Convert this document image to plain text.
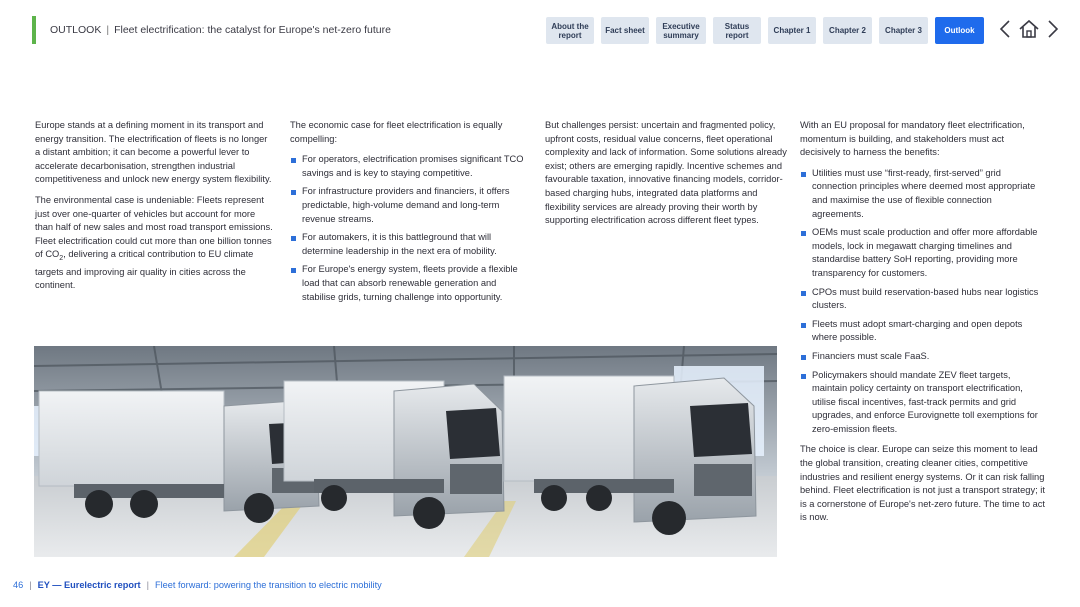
OUTLOOK | Fleet electrification: the catalyst for Europe's net-zero future	About the report	Fact sheet	Executive summary
Status report	Chapter 1	Chapter 2	Chapter 3	Outlook

Europe stands at a defining moment in its transport and energy transition. The electrification of fleets is no longer a distant ambition; it can become a powerful lever to accelerate decarbonisation, strengthen industrial competitiveness and unlock new energy system flexibility.

The environmental case is undeniable: Fleets represent just over one-quarter of vehicles but account for more than half of new sales and most road transport emissions. Fleet electrification could cut more than one billion tonnes of $CO_2$, delivering a critical contribution to EU climate targets and improving air quality in cities across the continent.

The economic case for fleet electrification is equally compelling:

For operators, electrification promises significant TCO savings and is key to staying competitive.
For infrastructure providers and financiers, it offers predictable, high-volume demand and long-term revenue streams.
For automakers, it is this battleground that will determine leadership in the next era of mobility.
For Europe's energy system, fleets provide a flexible load that can absorb renewable generation and stabilise grids, turning challenge into opportunity.

But challenges persist: uncertain and fragmented policy, upfront costs, residual value concerns, fleet operational complexity and lack of information. Some solutions already exist; others are emerging rapidly. Incentive schemes and favourable taxation, innovative financing models, corridor-based charging hubs, integrated data platforms and flexibility services are already proving their worth by supporting electrification across different fleet types.

With an EU proposal for mandatory fleet electrification, momentum is building, and stakeholders must act decisively to harness the benefits:

Utilities must use “first-ready, first-served” grid connection principles where deemed most appropriate and maximise the use of flexible connection agreements.
OEMs must scale production and offer more affordable models, lock in megawatt charging timelines and standardise battery SoH reporting, providing more transparency for customers.
CPOs must build reservation-based hubs near logistics clusters.
Fleets must adopt smart-charging and open depots where possible.
Financiers must scale FaaS.
Policymakers should mandate ZEV fleet targets, maintain policy certainty on transport electrification, utilise fiscal incentives, fast-track permits and grid upgrades, and enforce Eurovignette toll exemptions for zero-emission fleets.

The choice is clear. Europe can seize this moment to lead the global transition, creating cleaner cities, competitive industries and resilient energy systems. Or it can risk falling behind. Fleet electrification is not just a transport strategy; it is a cornerstone of Europe's net-zero future. The time to act is now.

46 | EY — Eurelectric report | Fleet forward: powering the transition to electric mobility
